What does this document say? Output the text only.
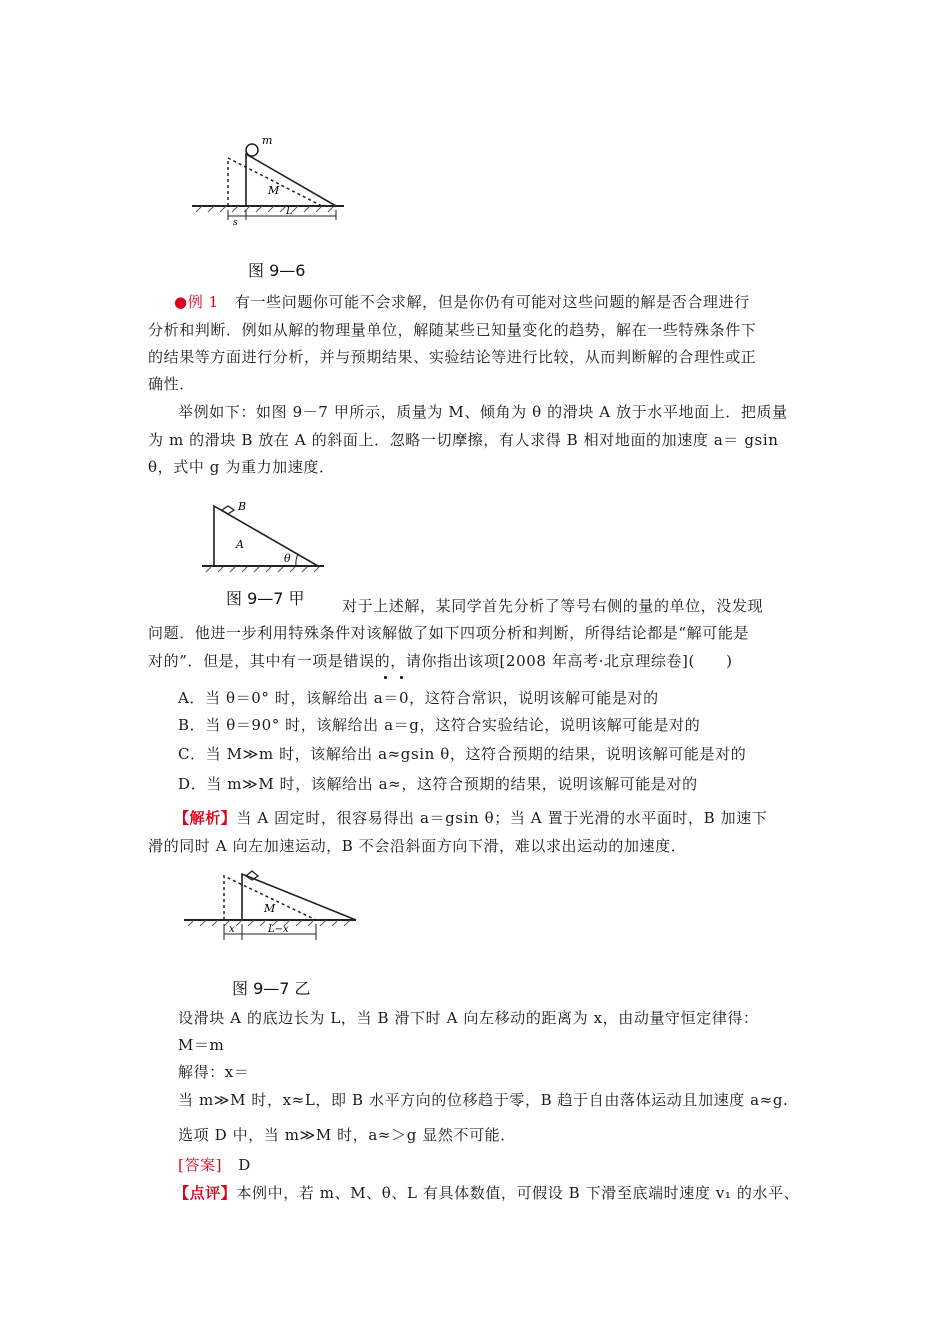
m
M
s
L
图 9—6
●例 1 有一些问题你可能不会求解，但是你仍有可能对这些问题的解是否合理进行
分析和判断．例如从解的物理量单位，解随某些已知量变化的趋势，解在一些特殊条件下
的结果等方面进行分析，并与预期结果、实验结论等进行比较，从而判断解的合理性或正
确性．
举例如下：如图 9－7 甲所示，质量为 M、倾角为 θ 的滑块 A 放于水平地面上．把质量
为 m 的滑块 B 放在 A 的斜面上．忽略一切摩擦，有人求得 B 相对地面的加速度 a＝ gsin
θ，式中 g 为重力加速度．
B
A
θ
图 9—7 甲 对于上述解，某同学首先分析了等号右侧的量的单位，没发现
问题．他进一步利用特殊条件对该解做了如下四项分析和判断，所得结论都是“解可能是
对的”．但是，其中有一项是错误的，请你指出该项[2008 年高考·北京理综卷](　　)
A．当 θ＝0° 时，该解给出 a＝0，这符合常识，说明该解可能是对的
B．当 θ＝90° 时，该解给出 a＝g，这符合实验结论，说明该解可能是对的
C．当 M≫m 时，该解给出 a≈gsin θ，这符合预期的结果，说明该解可能是对的
D．当 m≫M 时，该解给出 a≈，这符合预期的结果，说明该解可能是对的
【解析】当 A 固定时，很容易得出 a＝gsin θ；当 A 置于光滑的水平面时，B 加速下
滑的同时 A 向左加速运动，B 不会沿斜面方向下滑，难以求出运动的加速度．
M
x	L−x
图 9—7 乙
设滑块 A 的底边长为 L，当 B 滑下时 A 向左移动的距离为 x，由动量守恒定律得：
M＝m
解得：x＝
当 m≫M 时，x≈L，即 B 水平方向的位移趋于零，B 趋于自由落体运动且加速度 a≈g.
选项 D 中，当 m≫M 时，a≈＞g 显然不可能．
[答案] D
【点评】本例中，若 m、M、θ、L 有具体数值，可假设 B 下滑至底端时速度 v₁ 的水平、
